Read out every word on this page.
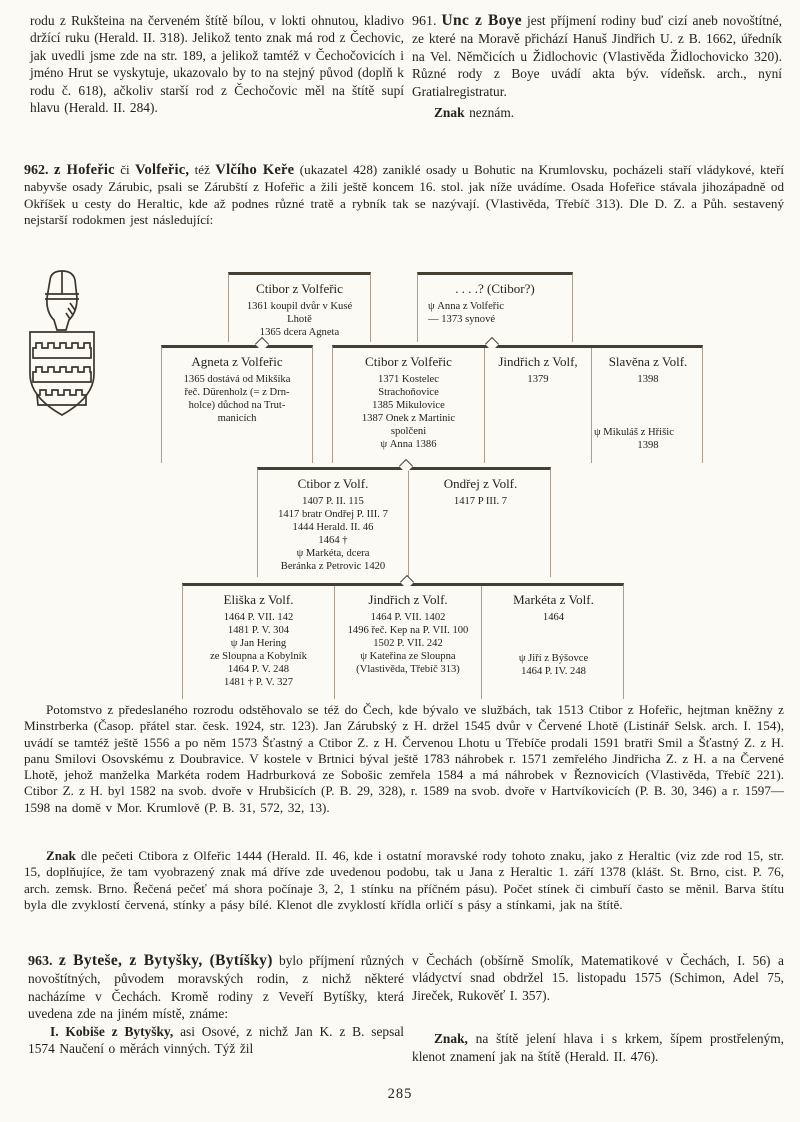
rodu z Rukšteina na červeném štítě bílou, v lokti ohnutou, kladivo držící ruku (Herald. II. 318). Jelikož tento znak má rod z Čechovic, jak uvedli jsme zde na str. 189, a jelikož tamtéž v Čechočovicích i jméno Hrut se vyskytuje, ukazovalo by to na stejný původ (doplň k rodu č. 618), ačkoliv starší rod z Čechočovic měl na štítě supí hlavu (Herald. II. 284).

961. Unc z Boye jest příjmení rodiny buď cizí aneb novoštítné, ze které na Moravě přichází Hanuš Jindřich U. z B. 1662, úředník na Vel. Němčicích u Židlochovic (Vlastivěda Židlochovicko 320). Různé rody z Boye uvádí akta býv. vídeňsk. arch., nyní Gratialregistratur.

Znak neznám.

962. z Hofeřic či Volfeřic, též Vlčího Keře (ukazatel 428) zaniklé osady u Bohutic na Krumlovsku, pocházeli staří vládykové, kteří nabyvše osady Zárubic, psali se Zárubští z Hofeřic a žili ještě koncem 16. stol. jak níže uvádíme. Osada Hofeřice stávala jihozápadně od Okříšek u cesty do Heraltic, kde až podnes různé tratě a rybník tak se nazývají. (Vlastivěda, Třebíč 313). Dle D. Z. a Půh. sestavený nejstarší rodokmen jest následující:

Ctibor z Volfeřic
1361 koupil dvůr v Kusé
Lhotě
1365 dcera Agneta
. . . .? (Ctibor?)
ψ Anna z Volfeřic
— 1373 synové
Agneta z Volfeřic
1365 dostává od Mikšíka
řeč. Dürenholz (= z Drn-
holce) důchod na Trut-
manicích
Ctibor z Volfeřic
1371 Kostelec
Strachoňovice
1385 Mikulovice
1387 Onek z Martinic
spolčeni
ψ Anna 1386
Jindřich z Volf,
1379
Slavěna z Volf.
1398
ψ Mikuláš z Hřišic
1398
Ctibor z Volf.
1407 P. II. 115
1417 bratr Ondřej P. III. 7
1444 Herald. II. 46
1464 †
ψ Markéta, dcera
Beránka z Petrovic 1420
Ondřej z Volf.
1417 P III. 7
Eliška z Volf.
1464 P. VII. 142
1481 P. V. 304
ψ Jan Hering
ze Sloupna a Kobylník
1464 P. V. 248
1481 † P. V. 327
Jindřich z Volf.
1464 P. VII. 1402
1496 řeč. Kep na P. VII. 100
1502 P. VII. 242
ψ Kateřina ze Sloupna
(Vlastivěda, Třebíč 313)
Markéta z Volf.
1464
ψ Jiří z Býšovce
1464 P. IV. 248

Potomstvo z předeslaného rozrodu odstěhovalo se též do Čech, kde bývalo ve službách, tak 1513 Ctibor z Hofeřic, hejtman kněžny z Minstrberka (Časop. přátel star. česk. 1924, str. 123). Jan Zárubský z H. držel 1545 dvůr v Červené Lhotě (Listinář Selsk. arch. I. 154), uvádí se tamtéž ještě 1556 a po něm 1573 Šťastný a Ctibor Z. z H. Červenou Lhotu u Třebíče prodali 1591 bratři Smil a Šťastný Z. z H. panu Smilovi Osovskému z Doubravice. V kostele v Brtnici býval ještě 1783 náhrobek r. 1571 zemřelého Jindřicha Z. z H. a na Červené Lhotě, jehož manželka Markéta rodem Hadrburková ze Sobošic zemřela 1584 a má náhrobek v Řeznovicích (Vlastivěda, Třebíč 221). Ctibor Z. z H. byl 1582 na svob. dvoře v Hrubšicích (P. B. 29, 328), r. 1589 na svob. dvoře v Hartvíkovicích (P. B. 30, 346) a r. 1597—1598 na domě v Mor. Krumlově (P. B. 31, 572, 32, 13).

Znak dle pečeti Ctibora z Olfeřic 1444 (Herald. II. 46, kde i ostatní moravské rody tohoto znaku, jako z Heraltic (viz zde rod 15, str. 15, doplňujíce, že tam vyobrazený znak má dříve zde uvedenou podobu, tak u Jana z Heraltic 1. září 1378 (klášt. St. Brno, cist. P. 76, arch. zemsk. Brno. Řečená pečeť má shora počínaje 3, 2, 1 stínku na příčném pásu). Počet stínek či cimbuří často se měnil. Barva štítu byla dle zvyklostí červená, stínky a pásy bílé. Klenot dle zvyklostí křídla orličí s pásy a stínkami, jak na štítě.

963. z Byteše, z Bytyšky, (Bytíšky) bylo příjmení různých novoštítných, původem moravských rodin, z nichž některé nacházíme v Čechách. Kromě rodiny z Veveří Bytíšky, která uvedena zde na jiném místě, známe:

I. Kobiše z Bytyšky, asi Osové, z nichž Jan K. z B. sepsal 1574 Naučení o měrách vinných. Týž žil

v Čechách (obšírně Smolík, Matematikové v Čechách, I. 56) a vládyctví snad obdržel 15. listopadu 1575 (Schimon, Adel 75, Jireček, Rukověť I. 357).

Znak, na štítě jelení hlava i s krkem, šípem prostřeleným, klenot znamení jak na štítě (Herald. II. 476).

285
